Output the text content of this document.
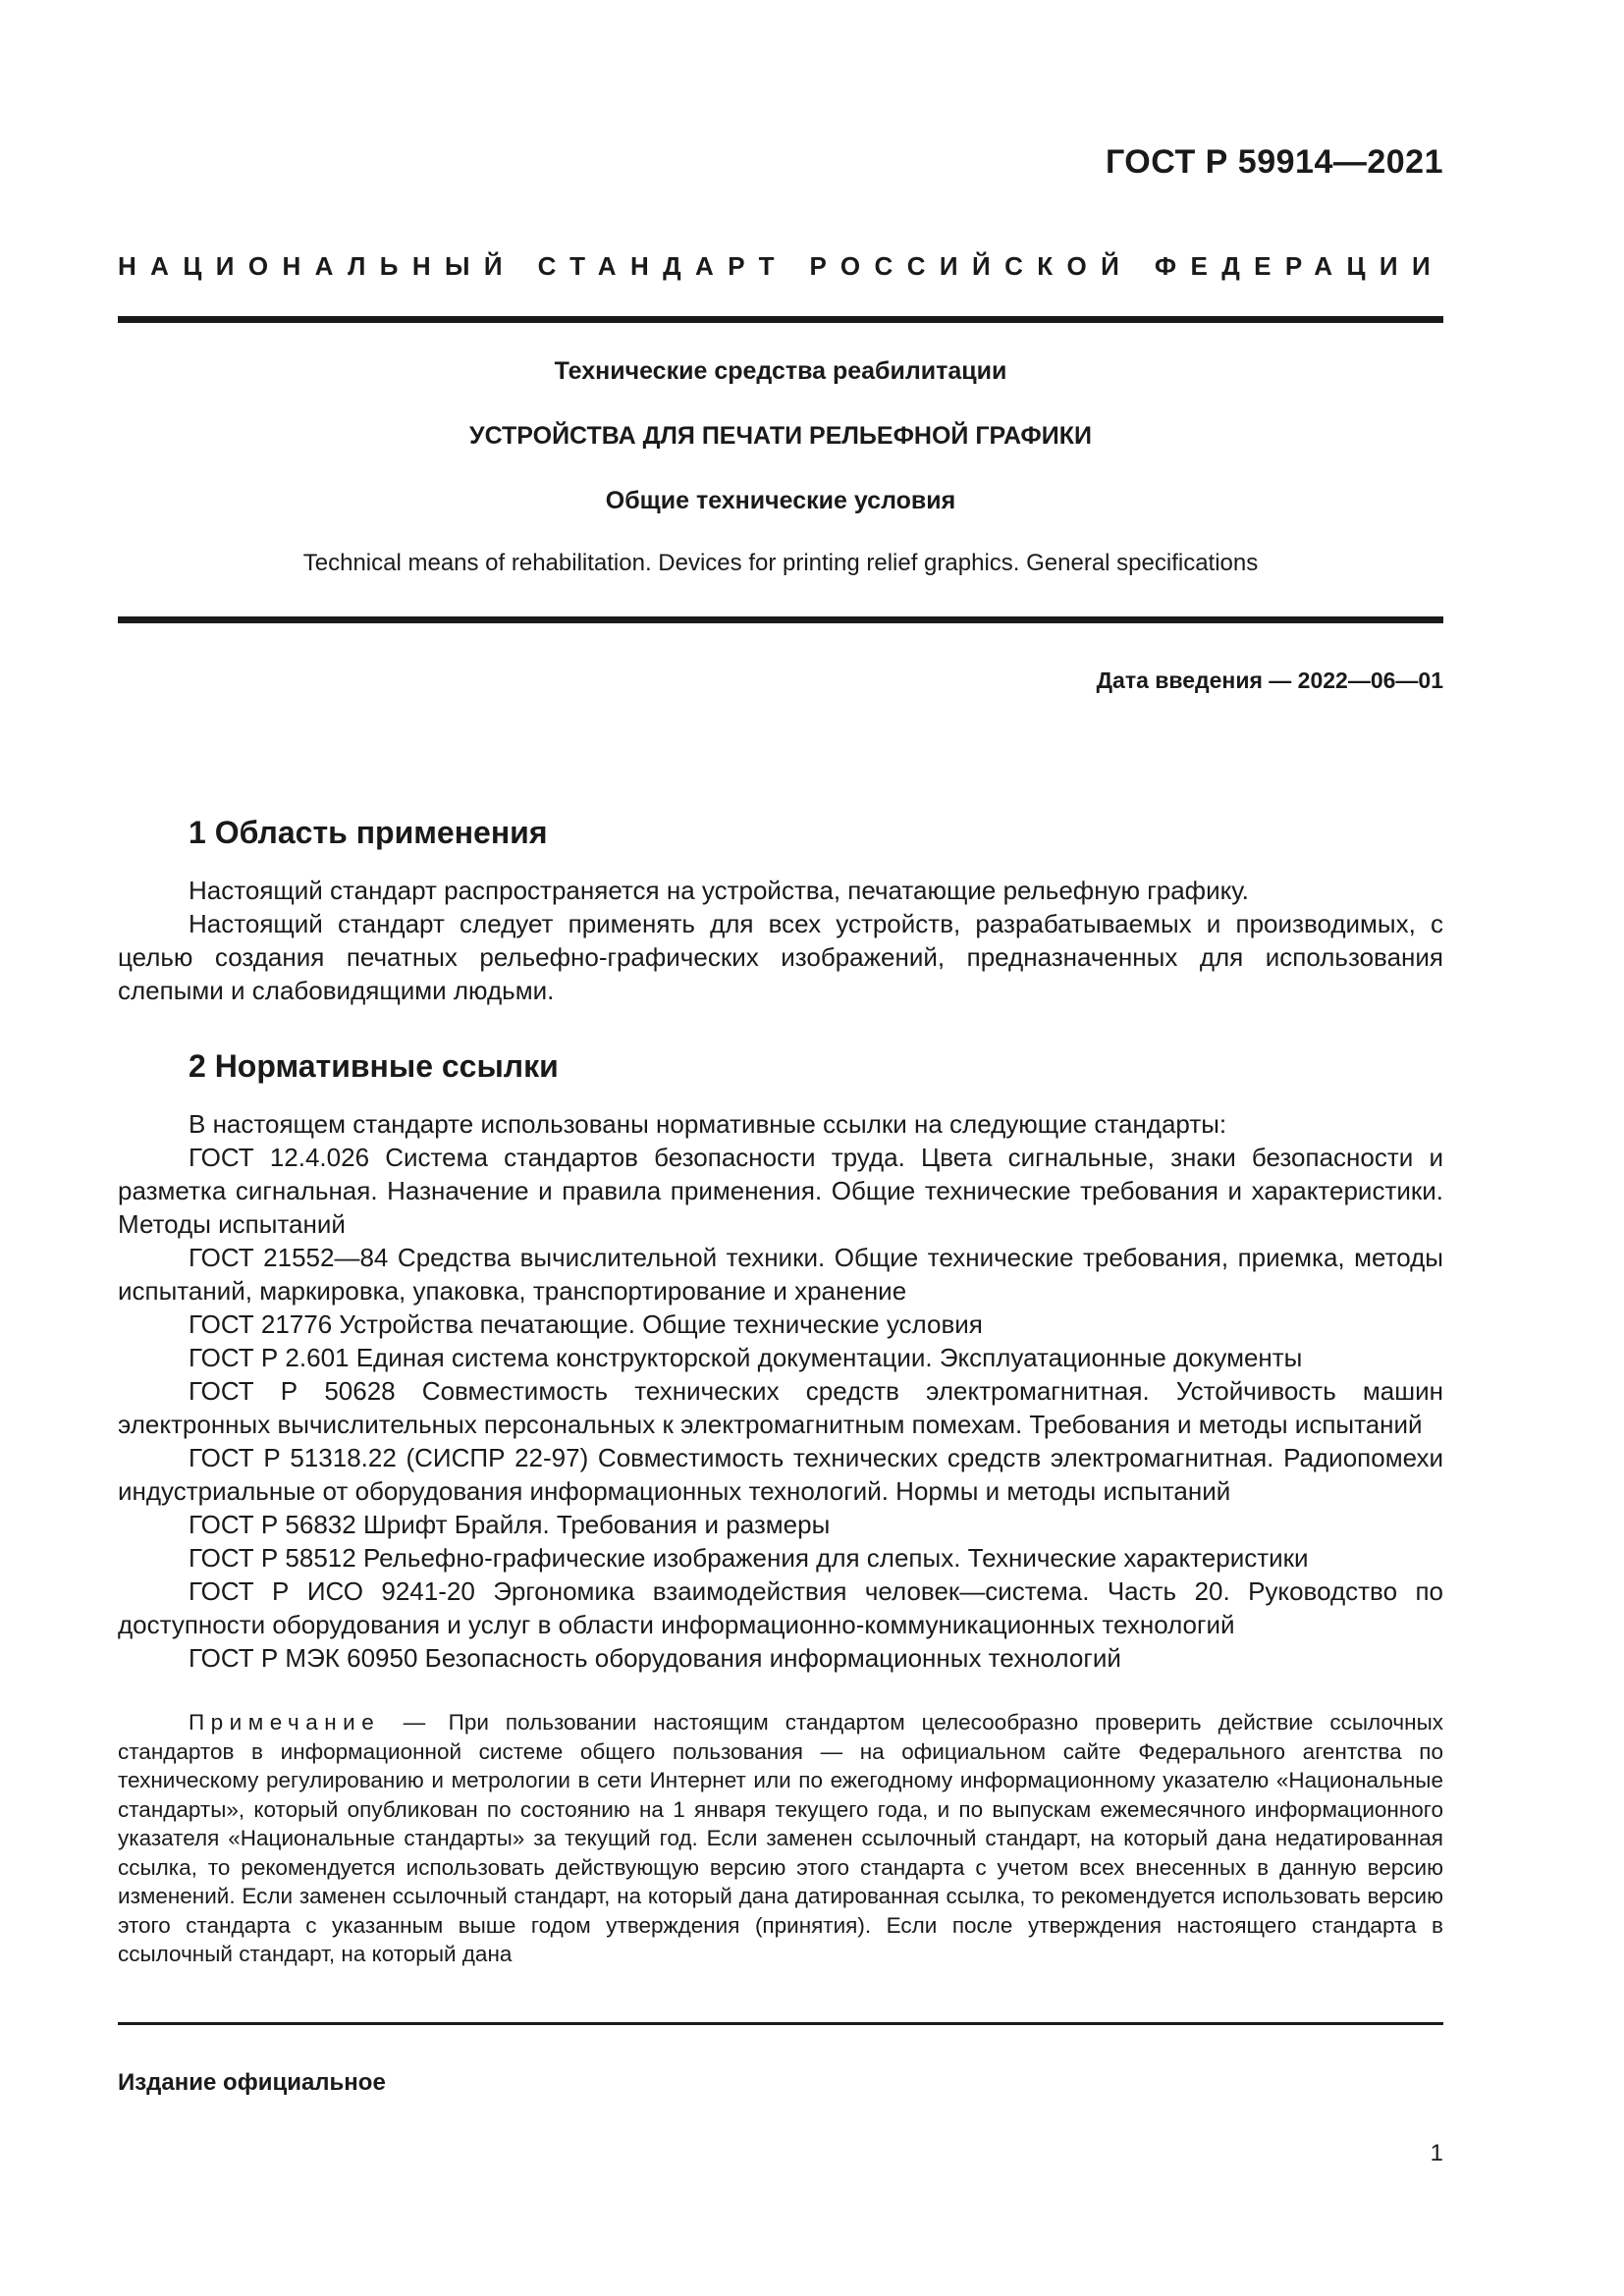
ГОСТ Р 59914—2021

НАЦИОНАЛЬНЫЙ СТАНДАРТ РОССИЙСКОЙ ФЕДЕРАЦИИ

Технические средства реабилитации

УСТРОЙСТВА ДЛЯ ПЕЧАТИ РЕЛЬЕФНОЙ ГРАФИКИ

Общие технические условия

Technical means of rehabilitation. Devices for printing relief graphics. General specifications

Дата введения — 2022—06—01

1 Область применения

Настоящий стандарт распространяется на устройства, печатающие рельефную графику.

Настоящий стандарт следует применять для всех устройств, разрабатываемых и производимых, с целью создания печатных рельефно-графических изображений, предназначенных для использования слепыми и слабовидящими людьми.

2 Нормативные ссылки

В настоящем стандарте использованы нормативные ссылки на следующие стандарты:

ГОСТ 12.4.026 Система стандартов безопасности труда. Цвета сигнальные, знаки безопасности и разметка сигнальная. Назначение и правила применения. Общие технические требования и характеристики. Методы испытаний

ГОСТ 21552—84 Средства вычислительной техники. Общие технические требования, приемка, методы испытаний, маркировка, упаковка, транспортирование и хранение

ГОСТ 21776 Устройства печатающие. Общие технические условия

ГОСТ Р 2.601 Единая система конструкторской документации. Эксплуатационные документы

ГОСТ Р 50628 Совместимость технических средств электромагнитная. Устойчивость машин электронных вычислительных персональных к электромагнитным помехам. Требования и методы испытаний

ГОСТ Р 51318.22 (СИСПР 22-97) Совместимость технических средств электромагнитная. Радиопомехи индустриальные от оборудования информационных технологий. Нормы и методы испытаний

ГОСТ Р 56832 Шрифт Брайля. Требования и размеры

ГОСТ Р 58512 Рельефно-графические изображения для слепых. Технические характеристики

ГОСТ Р ИСО 9241-20 Эргономика взаимодействия человек—система. Часть 20. Руководство по доступности оборудования и услуг в области информационно-коммуникационных технологий

ГОСТ Р МЭК 60950 Безопасность оборудования информационных технологий

Примечание — При пользовании настоящим стандартом целесообразно проверить действие ссылочных стандартов в информационной системе общего пользования — на официальном сайте Федерального агентства по техническому регулированию и метрологии в сети Интернет или по ежегодному информационному указателю «Национальные стандарты», который опубликован по состоянию на 1 января текущего года, и по выпускам ежемесячного информационного указателя «Национальные стандарты» за текущий год. Если заменен ссылочный стандарт, на который дана недатированная ссылка, то рекомендуется использовать действующую версию этого стандарта с учетом всех внесенных в данную версию изменений. Если заменен ссылочный стандарт, на который дана датированная ссылка, то рекомендуется использовать версию этого стандарта с указанным выше годом утверждения (принятия). Если после утверждения настоящего стандарта в ссылочный стандарт, на который дана

Издание официальное

1
